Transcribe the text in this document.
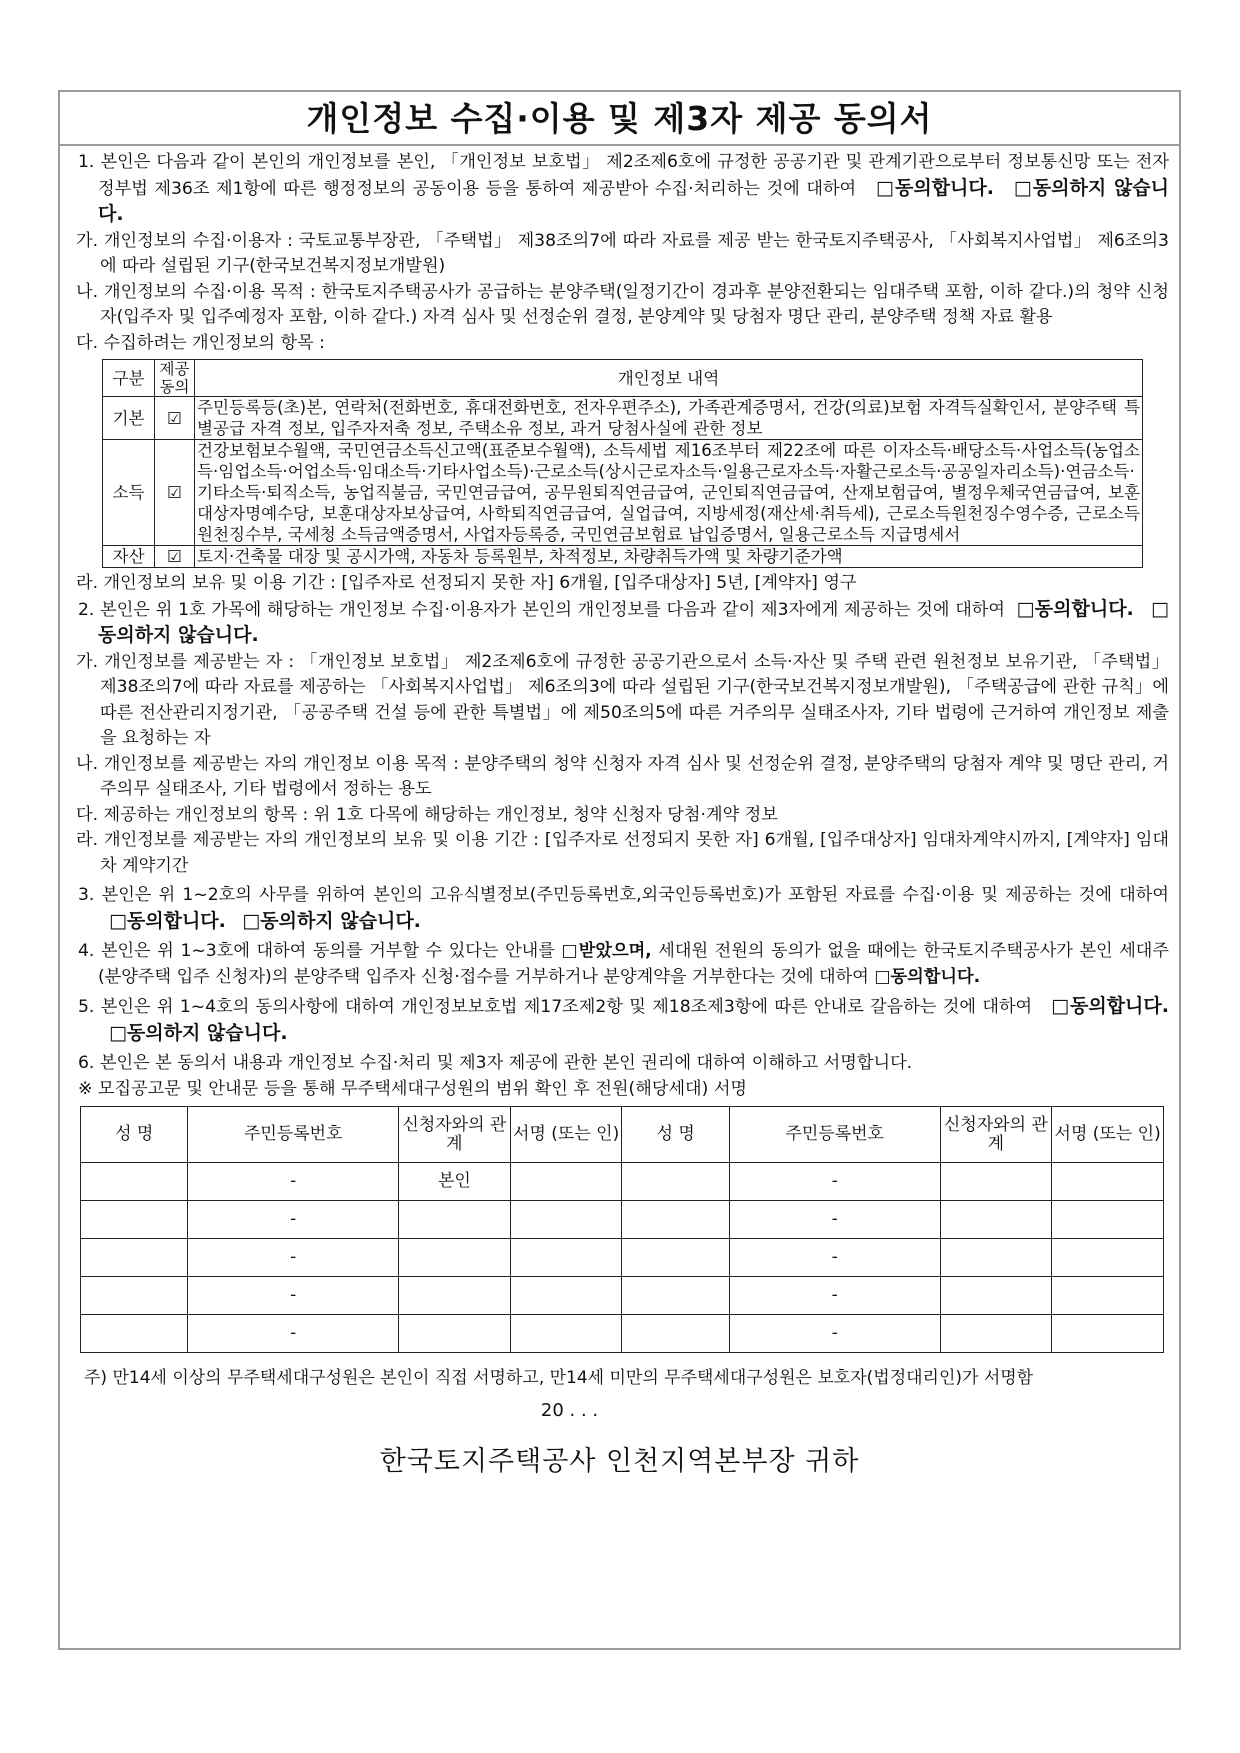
개인정보 수집·이용 및 제3자 제공 동의서
1. 본인은 다음과 같이 본인의 개인정보를 본인, 「개인정보 보호법」 제2조제6호에 규정한 공공기관 및 관계기관으로부터 정보통신망 또는 전자정부법 제36조 제1항에 따른 행정정보의 공동이용 등을 통하여 제공받아 수집·처리하는 것에 대하여 □동의합니다. □동의하지 않습니다.
가. 개인정보의 수집·이용자 : 국토교통부장관, 「주택법」 제38조의7에 따라 자료를 제공 받는 한국토지주택공사, 「사회복지사업법」 제6조의3에 따라 설립된 기구(한국보건복지정보개발원)
나. 개인정보의 수집·이용 목적 : 한국토지주택공사가 공급하는 분양주택(일정기간이 경과후 분양전환되는 임대주택 포함, 이하 같다.)의 청약 신청자(입주자 및 입주예정자 포함, 이하 같다.) 자격 심사 및 선정순위 결정, 분양계약 및 당첨자 명단 관리, 분양주택 정책 자료 활용
다. 수집하려는 개인정보의 항목 :
구분	제공 동의	개인정보 내역
기본	☑	주민등록등(초)본, 연락처(전화번호, 휴대전화번호, 전자우편주소), 가족관계증명서, 건강(의료)보험 자격득실확인서, 분양주택 특별공급 자격 정보, 입주자저축 정보, 주택소유 정보, 과거 당첨사실에 관한 정보
소득	☑	건강보험보수월액, 국민연금소득신고액(표준보수월액), 소득세법 제16조부터 제22조에 따른 이자소득·배당소득·사업소득(농업소득·임업소득·어업소득·임대소득·기타사업소득)·근로소득(상시근로자소득·일용근로자소득·자활근로소득·공공일자리소득)·연금소득·기타소득·퇴직소득, 농업직불금, 국민연금급여, 공무원퇴직연금급여, 군인퇴직연금급여, 산재보험급여, 별정우체국연금급여, 보훈대상자명예수당, 보훈대상자보상급여, 사학퇴직연금급여, 실업급여, 지방세정(재산세·취득세), 근로소득원천징수영수증, 근로소득원천징수부, 국세청 소득금액증명서, 사업자등록증, 국민연금보험료 납입증명서, 일용근로소득 지급명세서
자산	☑	토지·건축물 대장 및 공시가액, 자동차 등록원부, 차적정보, 차량취득가액 및 차량기준가액
라. 개인정보의 보유 및 이용 기간 : [입주자로 선정되지 못한 자] 6개월, [입주대상자] 5년, [계약자] 영구
2. 본인은 위 1호 가목에 해당하는 개인정보 수집·이용자가 본인의 개인정보를 다음과 같이 제3자에게 제공하는 것에 대하여 □동의합니다. □동의하지 않습니다.
가. 개인정보를 제공받는 자 : 「개인정보 보호법」 제2조제6호에 규정한 공공기관으로서 소득·자산 및 주택 관련 원천정보 보유기관, 「주택법」 제38조의7에 따라 자료를 제공하는 「사회복지사업법」 제6조의3에 따라 설립된 기구(한국보건복지정보개발원), 「주택공급에 관한 규칙」에 따른 전산관리지정기관, 「공공주택 건설 등에 관한 특별법」에 제50조의5에 따른 거주의무 실태조사자, 기타 법령에 근거하여 개인정보 제출을 요청하는 자
나. 개인정보를 제공받는 자의 개인정보 이용 목적 : 분양주택의 청약 신청자 자격 심사 및 선정순위 결정, 분양주택의 당첨자 계약 및 명단 관리, 거주의무 실태조사, 기타 법령에서 정하는 용도
다. 제공하는 개인정보의 항목 : 위 1호 다목에 해당하는 개인정보, 청약 신청자 당첨·계약 정보
라. 개인정보를 제공받는 자의 개인정보의 보유 및 이용 기간 : [입주자로 선정되지 못한 자] 6개월, [입주대상자] 임대차계약시까지, [계약자] 임대차 계약기간
3. 본인은 위 1~2호의 사무를 위하여 본인의 고유식별정보(주민등록번호,외국인등록번호)가 포함된 자료를 수집·이용 및 제공하는 것에 대하여   □동의합니다. □동의하지 않습니다.
4. 본인은 위 1~3호에 대하여 동의를 거부할 수 있다는 안내를 □받았으며, 세대원 전원의 동의가 없을 때에는 한국토지주택공사가 본인 세대주(분양주택 입주 신청자)의 분양주택 입주자 신청·접수를 거부하거나 분양계약을 거부한다는 것에 대하여 □동의합니다.
5. 본인은 위 1~4호의 동의사항에 대하여 개인정보보호법 제17조제2항 및 제18조제3항에 따른 안내로 갈음하는 것에 대하여 □동의합니다.   □동의하지 않습니다.
6. 본인은 본 동의서 내용과 개인정보 수집·처리 및 제3자 제공에 관한 본인 권리에 대하여 이해하고 서명합니다.
※ 모집공고문 및 안내문 등을 통해 무주택세대구성원의 범위 확인 후 전원(해당세대) 서명
성 명	주민등록번호	신청자와의 관계	서명 (또는 인)	성 명	주민등록번호	신청자와의 관계	서명 (또는 인)
	-	본인			-		
	-				-		
	-				-		
	-				-		
	-				-		
주) 만14세 이상의 무주택세대구성원은 본인이 직접 서명하고, 만14세 미만의 무주택세대구성원은 보호자(법정대리인)가 서명함
20 . . .
한국토지주택공사 인천지역본부장 귀하
